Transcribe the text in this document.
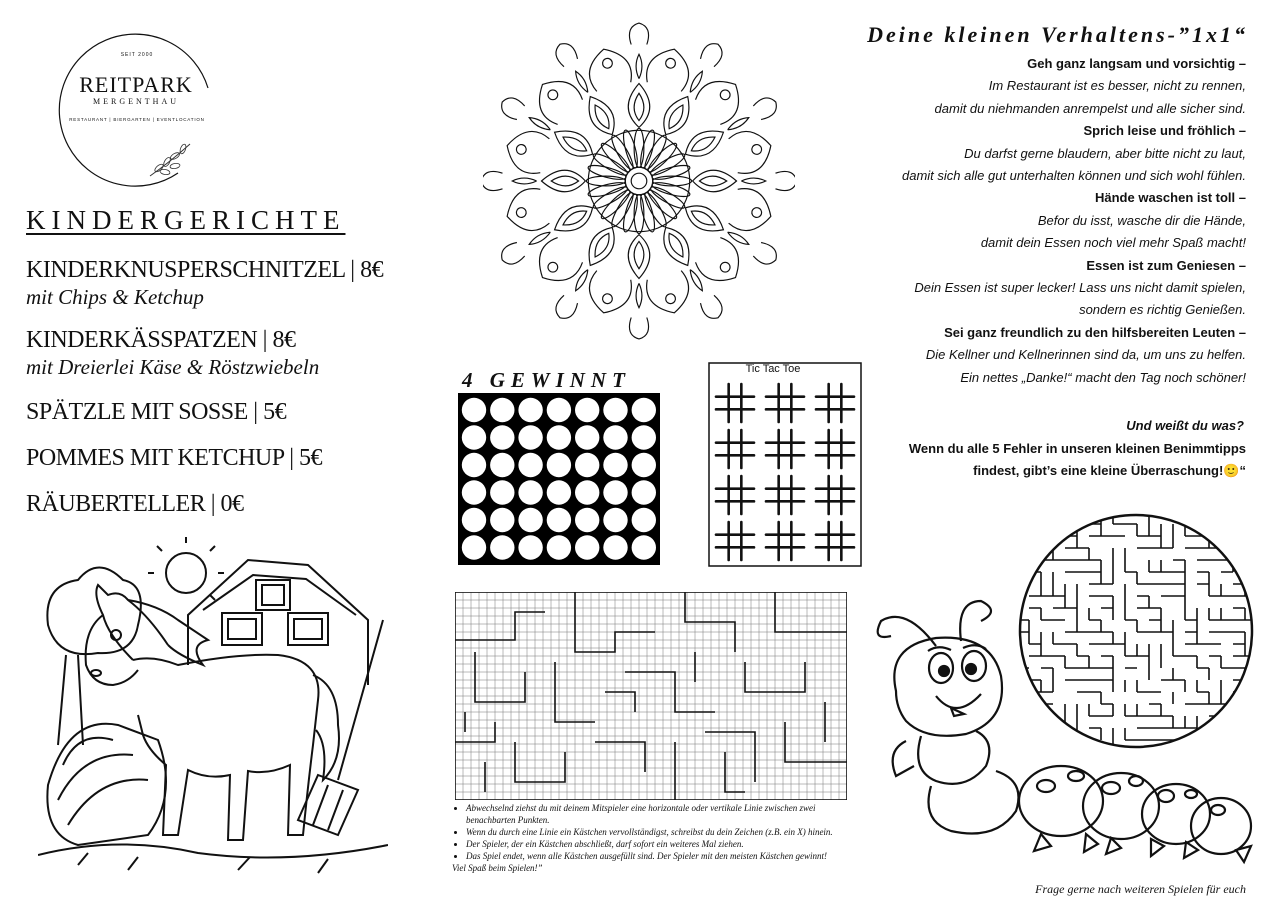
SEIT 2000
REITPARK
MERGENTHAU
RESTAURANT | BIERGARTEN | EVENTLOCATION
KINDERGERICHTE
KINDERKNUSPERSCHNITZEL | 8€
mit Chips & Ketchup
KINDERKÄSSPATZEN | 8€
mit Dreierlei Käse & Röstzwiebeln
SPÄTZLE MIT SOSSE | 5€
POMMES MIT KETCHUP | 5€
RÄUBERTELLER | 0€
4 GEWINNT	Tic Tac Toe
• Abwechselnd ziehst du mit deinem Mitspieler eine horizontale oder vertikale Linie zwischen zwei benachbarten Punkten.
• Wenn du durch eine Linie ein Kästchen vervollständigst, schreibst du dein Zeichen (z.B. ein X) hinein.
• Der Spieler, der ein Kästchen abschließt, darf sofort ein weiteres Mal ziehen.
• Das Spiel endet, wenn alle Kästchen ausgefüllt sind. Der Spieler mit den meisten Kästchen gewinnt!
Viel Spaß beim Spielen!”
Deine kleinen Verhaltens-”1x1“
Geh ganz langsam und vorsichtig –
Im Restaurant ist es besser, nicht zu rennen,
damit du niehmanden anrempelst und alle sicher sind.
Sprich leise und fröhlich –
Du darfst gerne blaudern, aber bitte nicht zu laut,
damit sich alle gut unterhalten können und sich wohl fühlen.
Hände waschen ist toll –
Befor du isst, wasche dir die Hände,
damit dein Essen noch viel mehr Spaß macht!
Essen ist zum Geniesen –
Dein Essen ist super lecker! Lass uns nicht damit spielen,
sondern es richtig Genießen.
Sei ganz freundlich zu den hilfsbereiten Leuten –
Die Kellner und Kellnerinnen sind da, um uns zu helfen.
Ein nettes „Danke!“ macht den Tag noch schöner!
Und weißt du was?
Wenn du alle 5 Fehler in unseren kleinen Benimmtipps
findest, gibt’s eine kleine Überraschung!🙂“
Frage gerne nach weiteren Spielen für euch
